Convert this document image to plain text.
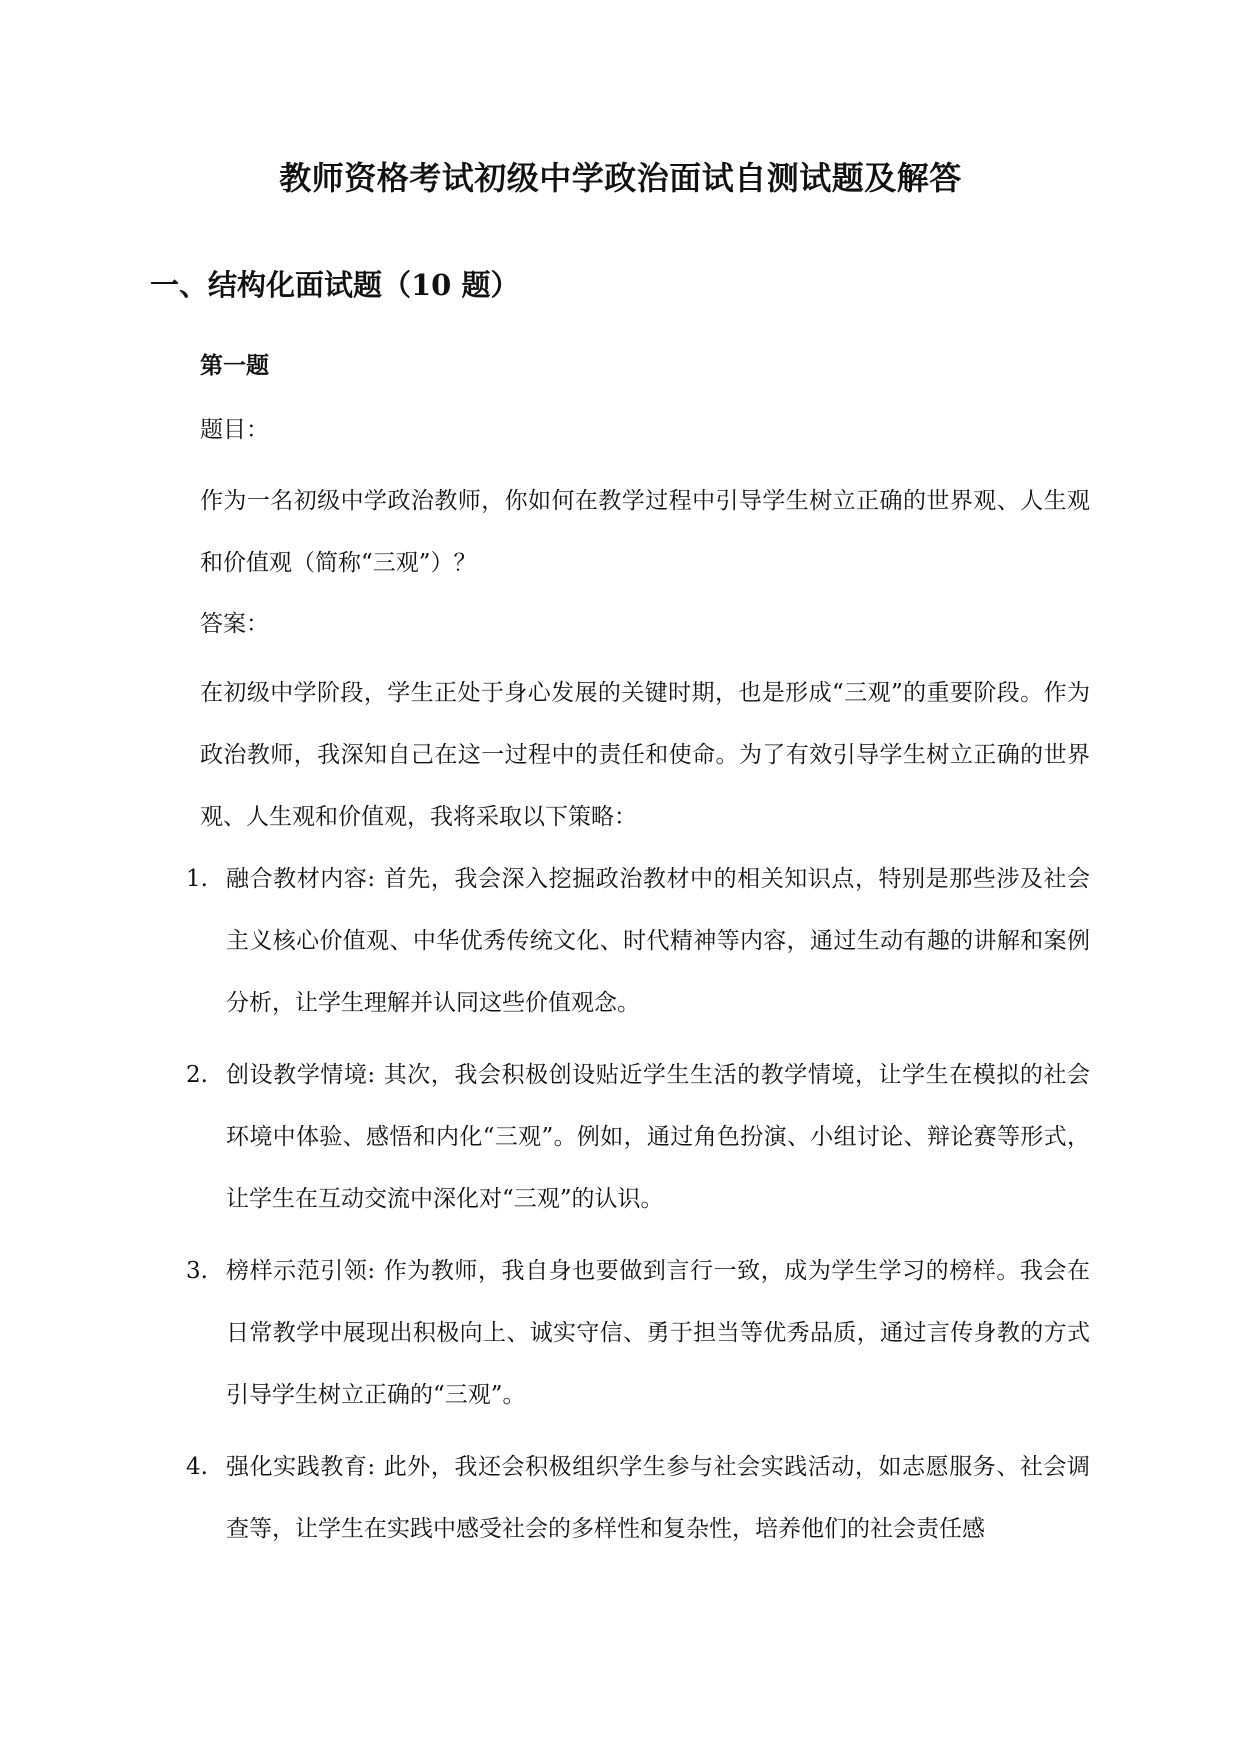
教师资格考试初级中学政治面试自测试题及解答
一、结构化面试题（10 题）

第一题

题目：

作为一名初级中学政治教师，你如何在教学过程中引导学生树立正确的世界观、人生观和价值观（简称“三观”）？

答案：

在初级中学阶段，学生正处于身心发展的关键时期，也是形成“三观”的重要阶段。作为政治教师，我深知自己在这一过程中的责任和使命。为了有效引导学生树立正确的世界观、人生观和价值观，我将采取以下策略：

1. 融合教材内容: 首先，我会深入挖掘政治教材中的相关知识点，特别是那些涉及社会主义核心价值观、中华优秀传统文化、时代精神等内容，通过生动有趣的讲解和案例分析，让学生理解并认同这些价值观念。
2. 创设教学情境: 其次，我会积极创设贴近学生生活的教学情境，让学生在模拟的社会环境中体验、感悟和内化“三观”。例如，通过角色扮演、小组讨论、辩论赛等形式，让学生在互动交流中深化对“三观”的认识。
3. 榜样示范引领: 作为教师，我自身也要做到言行一致，成为学生学习的榜样。我会在日常教学中展现出积极向上、诚实守信、勇于担当等优秀品质，通过言传身教的方式引导学生树立正确的“三观”。
4. 强化实践教育: 此外，我还会积极组织学生参与社会实践活动，如志愿服务、社会调查等，让学生在实践中感受社会的多样性和复杂性，培养他们的社会责任感
